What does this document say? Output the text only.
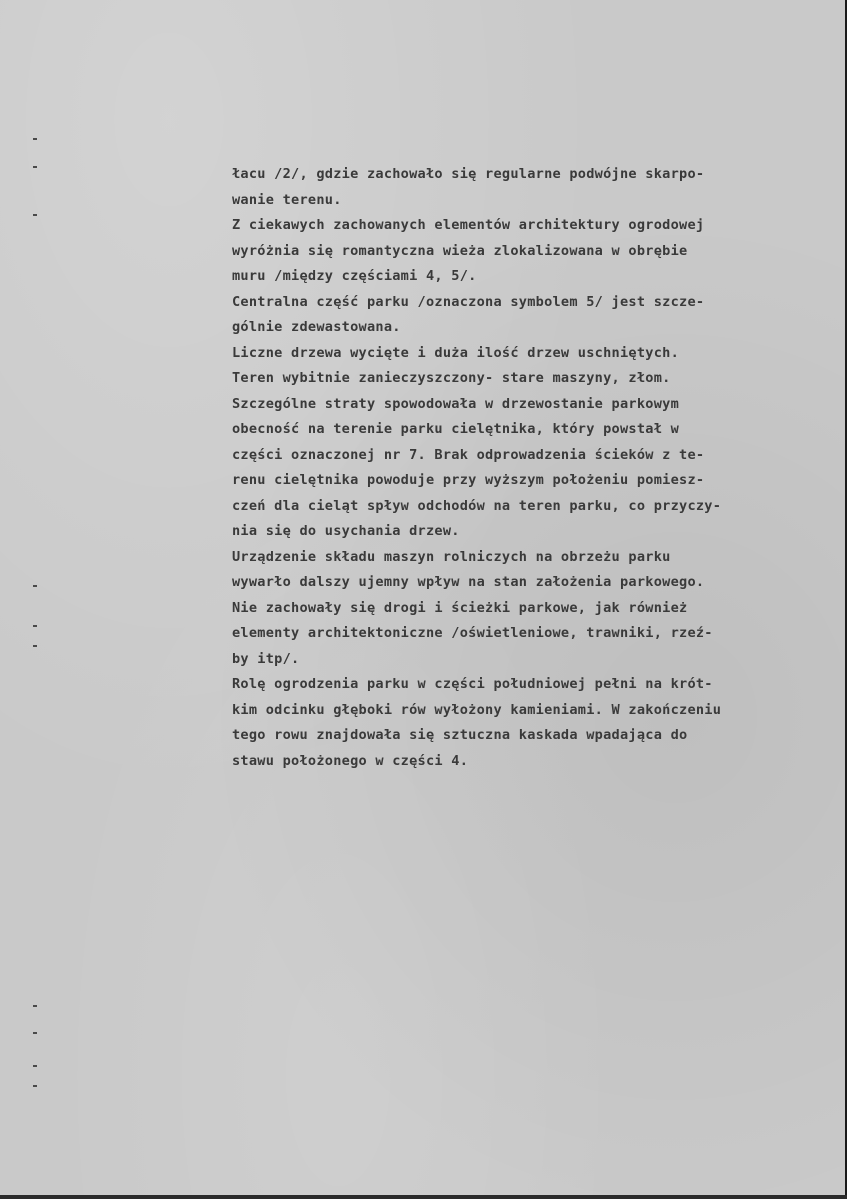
łacu /2/, gdzie zachowało się regularne podwójne skarpo-
wanie terenu.
Z ciekawych zachowanych elementów architektury ogrodowej
wyróżnia się romantyczna wieża zlokalizowana w obrębie
muru /między częściami 4, 5/.
Centralna część parku /oznaczona symbolem 5/ jest szcze-
gólnie zdewastowana.
Liczne drzewa wycięte i duża ilość drzew uschniętych.
Teren wybitnie zanieczyszczony- stare maszyny, złom.
Szczególne straty spowodowała w drzewostanie parkowym
obecność na terenie parku cielętnika, który powstał w
części oznaczonej nr 7. Brak odprowadzenia ścieków z te-
renu cielętnika powoduje przy wyższym położeniu pomiesz-
czeń dla cieląt spływ odchodów na teren parku, co przyczy-
nia się do usychania drzew.
Urządzenie składu maszyn rolniczych na obrzeżu parku
wywarło dalszy ujemny wpływ na stan założenia parkowego.
Nie zachowały się drogi i ścieżki parkowe, jak również
elementy architektoniczne /oświetleniowe, trawniki, rzeź-
by itp/.
Rolę ogrodzenia parku w części południowej pełni na krót-
kim odcinku głęboki rów wyłożony kamieniami. W zakończeniu
tego rowu znajdowała się sztuczna kaskada wpadająca do
stawu położonego w części 4.
